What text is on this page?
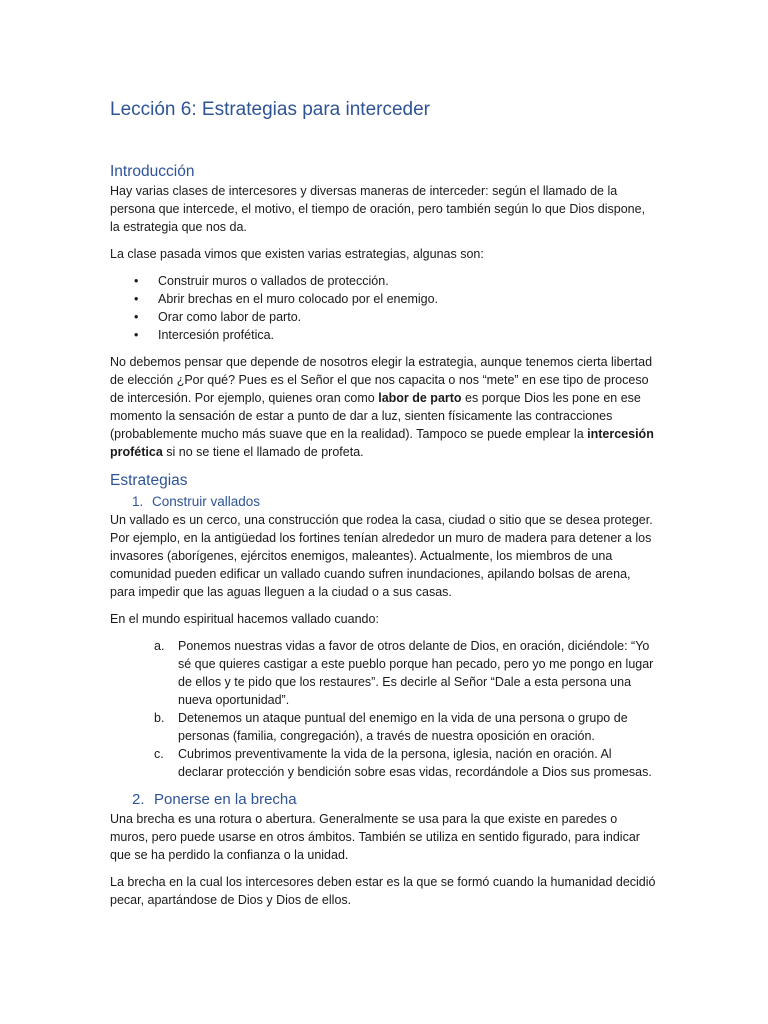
Lección 6: Estrategias para interceder
Introducción

Hay varias clases de intercesores y diversas maneras de interceder: según el llamado de la persona que intercede, el motivo, el tiempo de oración, pero también según lo que Dios dispone, la estrategia que nos da.

La clase pasada vimos que existen varias estrategias, algunas son:

• Construir muros o vallados de protección.
• Abrir brechas en el muro colocado por el enemigo.
• Orar como labor de parto.
• Intercesión profética.

No debemos pensar que depende de nosotros elegir la estrategia, aunque tenemos cierta libertad de elección ¿Por qué? Pues es el Señor el que nos capacita o nos “mete” en ese tipo de proceso de intercesión. Por ejemplo, quienes oran como labor de parto es porque Dios les pone en ese momento la sensación de estar a punto de dar a luz, sienten físicamente las contracciones (probablemente mucho más suave que en la realidad). Tampoco se puede emplear la intercesión profética si no se tiene el llamado de profeta.

Estrategias
1. Construir vallados

Un vallado es un cerco, una construcción que rodea la casa, ciudad o sitio que se desea proteger. Por ejemplo, en la antigüedad los fortines tenían alrededor un muro de madera para detener a los invasores (aborígenes, ejércitos enemigos, maleantes). Actualmente, los miembros de una comunidad pueden edificar un vallado cuando sufren inundaciones, apilando bolsas de arena, para impedir que las aguas lleguen a la ciudad o a sus casas.

En el mundo espiritual hacemos vallado cuando:

a. Ponemos nuestras vidas a favor de otros delante de Dios, en oración, diciéndole: “Yo sé que quieres castigar a este pueblo porque han pecado, pero yo me pongo en lugar de ellos y te pido que los restaures”. Es decirle al Señor “Dale a esta persona una nueva oportunidad”.
b. Detenemos un ataque puntual del enemigo en la vida de una persona o grupo de personas (familia, congregación), a través de nuestra oposición en oración.
c. Cubrimos preventivamente la vida de la persona, iglesia, nación en oración. Al declarar protección y bendición sobre esas vidas, recordándole a Dios sus promesas.
2. Ponerse en la brecha

Una brecha es una rotura o abertura. Generalmente se usa para la que existe en paredes o muros, pero puede usarse en otros ámbitos. También se utiliza en sentido figurado, para indicar que se ha perdido la confianza o la unidad.

La brecha en la cual los intercesores deben estar es la que se formó cuando la humanidad decidió pecar, apartándose de Dios y Dios de ellos.
